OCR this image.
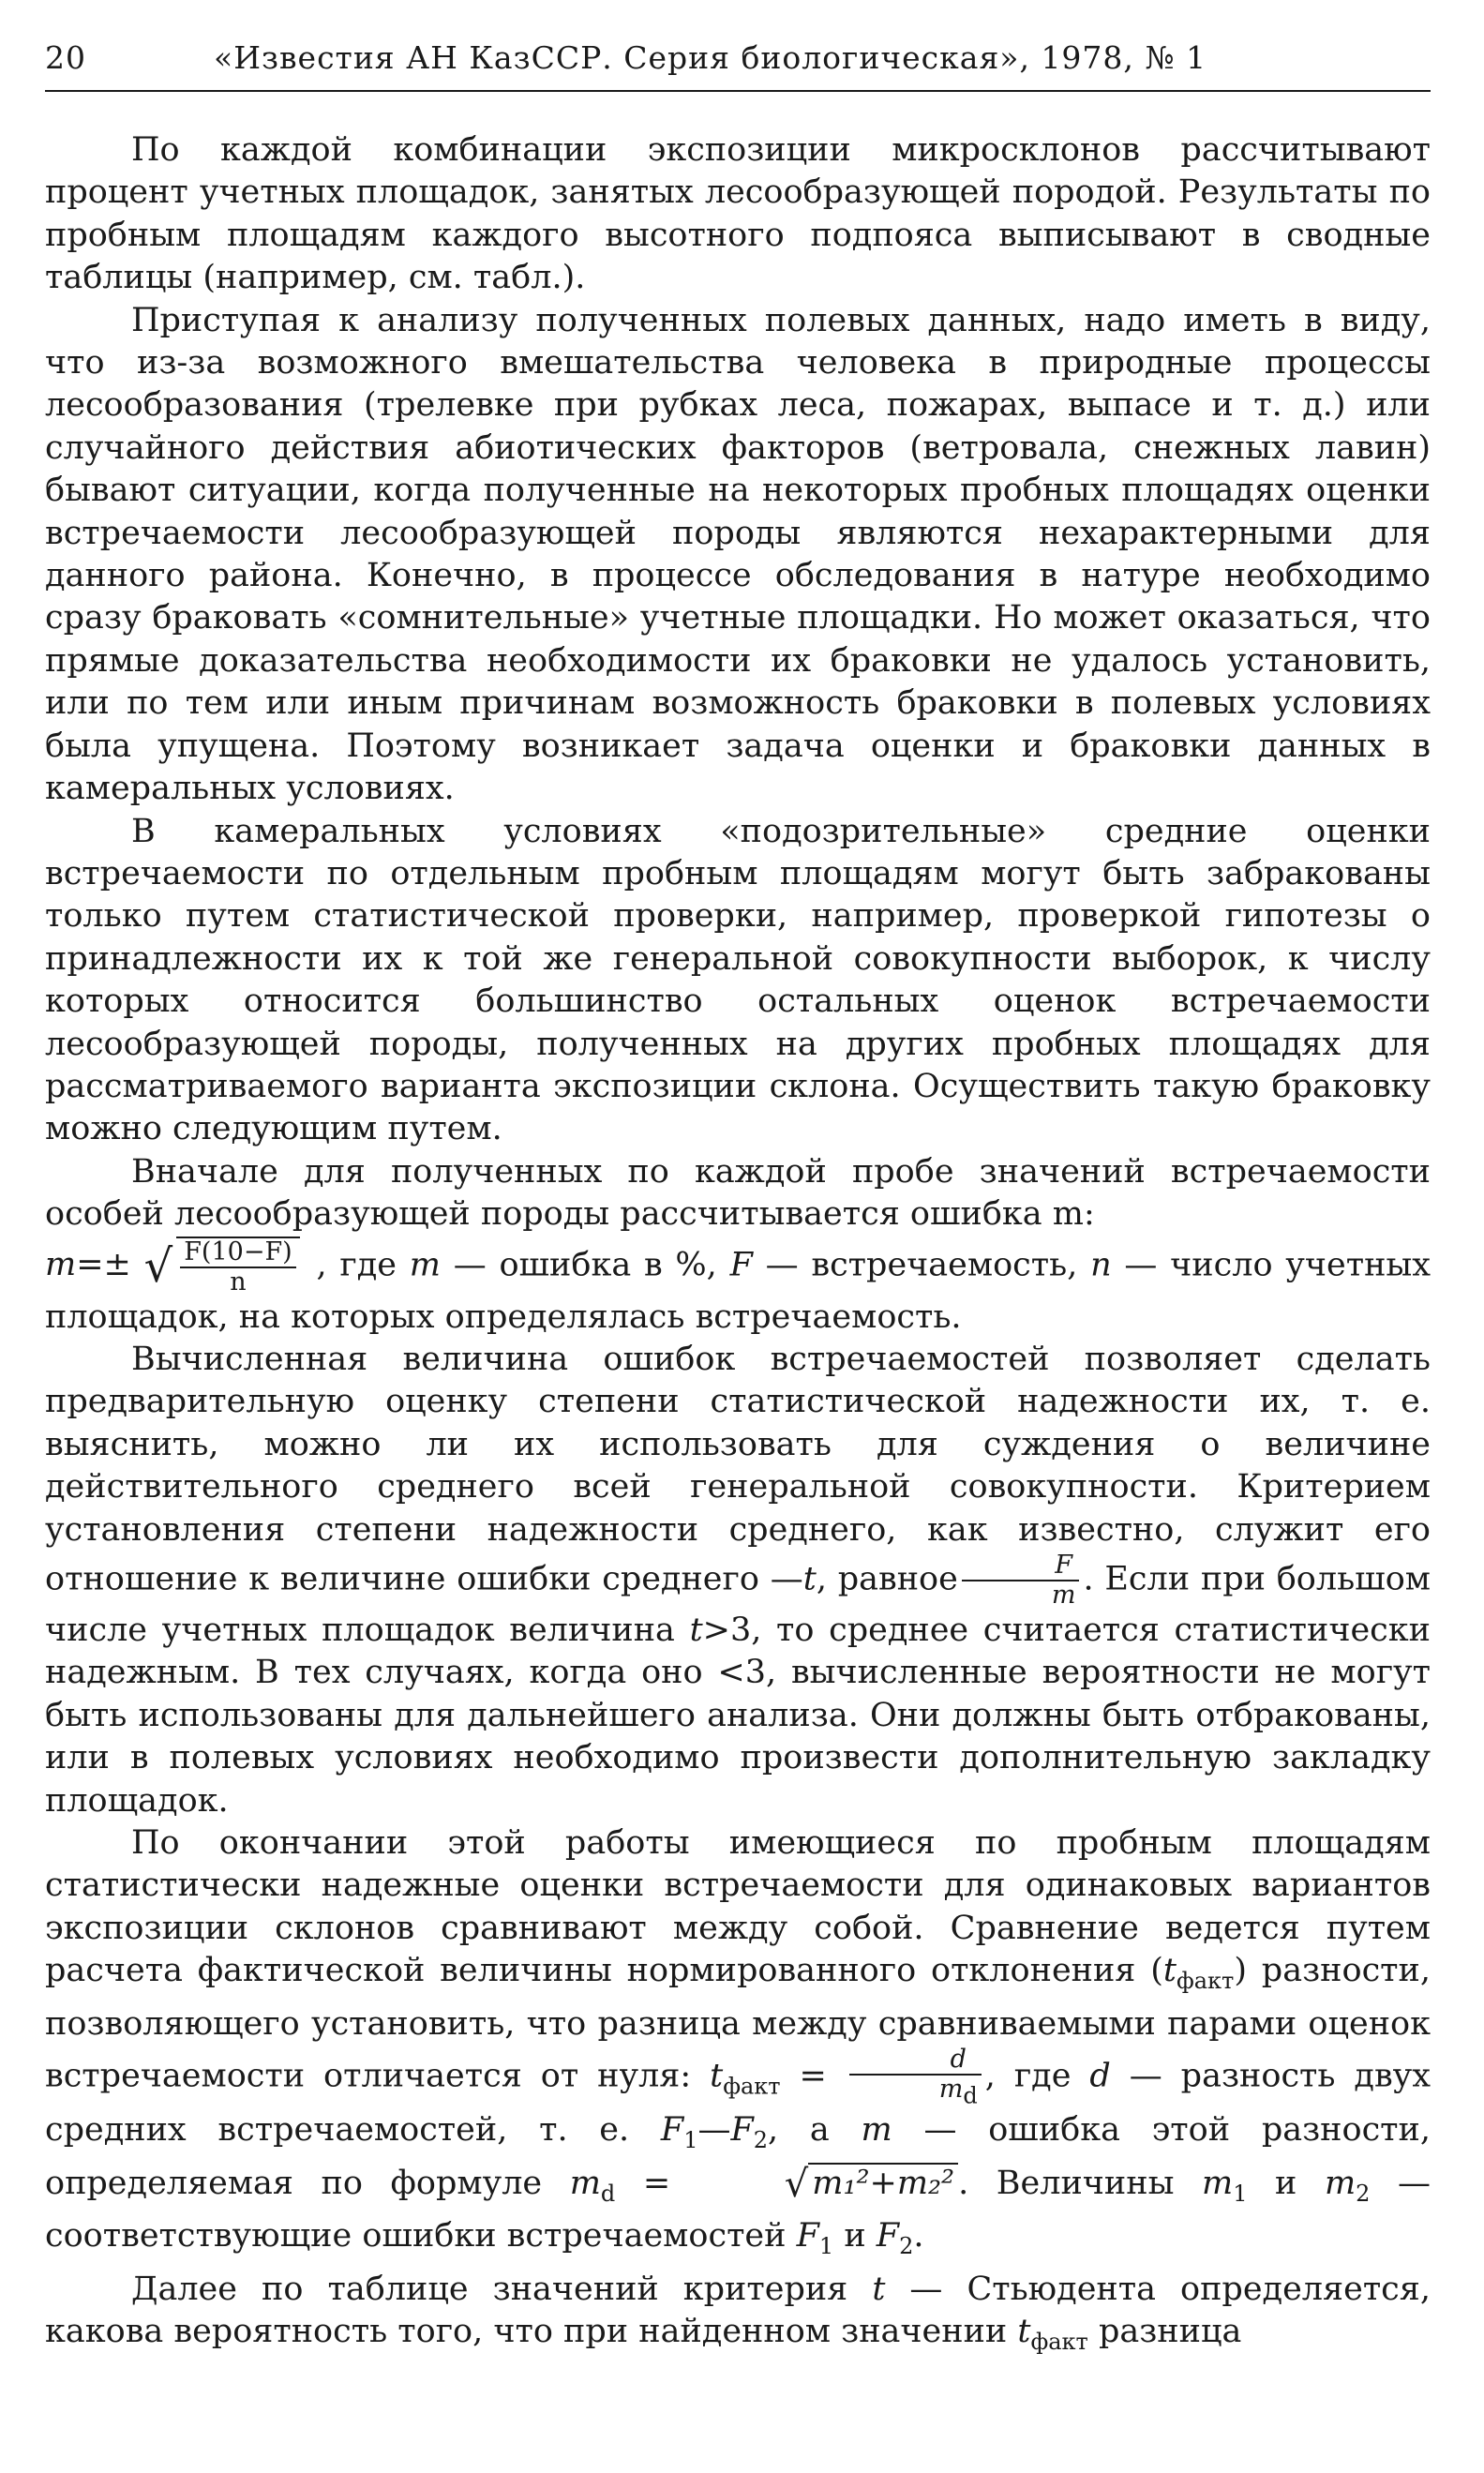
20	«Известия АН КазССР. Серия биологическая», 1978, № 1

По каждой комбинации экспозиции микросклонов рассчитывают процент учетных площадок, занятых лесообразующей породой. Результаты по пробным площадям каждого высотного подпояса выписывают в сводные таблицы (например, см. табл.).

Приступая к анализу полученных полевых данных, надо иметь в виду, что из-за возможного вмешательства человека в природные процессы лесообразования (трелевке при рубках леса, пожарах, выпасе и т. д.) или случайного действия абиотических факторов (ветровала, снежных лавин) бывают ситуации, когда полученные на некоторых пробных площадях оценки встречаемости лесообразующей породы являются нехарактерными для данного района. Конечно, в процессе обследования в натуре необходимо сразу браковать «сомнительные» учетные площадки. Но может оказаться, что прямые доказательства необходимости их браковки не удалось установить, или по тем или иным причинам возможность браковки в полевых условиях была упущена. Поэтому возникает задача оценки и браковки данных в камеральных условиях.

В камеральных условиях «подозрительные» средние оценки встречаемости по отдельным пробным площадям могут быть забракованы только путем статистической проверки, например, проверкой гипотезы о принадлежности их к той же генеральной совокупности выборок, к числу которых относится большинство остальных оценок встречаемости лесообразующей породы, полученных на других пробных площадях для рассматриваемого варианта экспозиции склона. Осуществить такую браковку можно следующим путем.

Вначале для полученных по каждой пробе значений встречаемости особей лесообразующей породы рассчитывается ошибка m:

m=± √ $\frac{F(10-F)}{n}$ , где m — ошибка в %, F — встречаемость, n — число учетных площадок, на которых определялась встречаемость.

Вычисленная величина ошибок встречаемостей позволяет сделать предварительную оценку степени статистической надежности их, т. е. выяснить, можно ли их использовать для суждения о величине действительного среднего всей генеральной совокупности. Критерием установления степени надежности среднего, как известно, служит его отношение к величине ошибки среднего —t, равное $\frac{F}{m}$ . Если при большом числе учетных площадок величина t>3, то среднее считается статистически надежным. В тех случаях, когда оно <3, вычисленные вероятности не могут быть использованы для дальнейшего анализа. Они должны быть отбракованы, или в полевых условиях необходимо произвести дополнительную закладку площадок.

По окончании этой работы имеющиеся по пробным площадям статистически надежные оценки встречаемости для одинаковых вариантов экспозиции склонов сравнивают между собой. Сравнение ведется путем расчета фактической величины нормированного отклонения $(t_{факт})$ разности, позволяющего установить, что разница между сравниваемыми парами оценок встречаемости отличается от нуля: $t_{факт} = \frac{d}{m_d}$ , где d — разность двух средних встречаемостей, т. е. $F_1—F_2$, а m — ошибка этой разности, определяемая по формуле $m_d$ = √ m₁²+m₂² . Величины $m_1$ и $m_2$ — соответствующие ошибки встречаемостей $F_1$ и $F_2$.

Далее по таблице значений критерия t — Стьюдента определяется, какова вероятность того, что при найденном значении $t_{факт}$ разница
